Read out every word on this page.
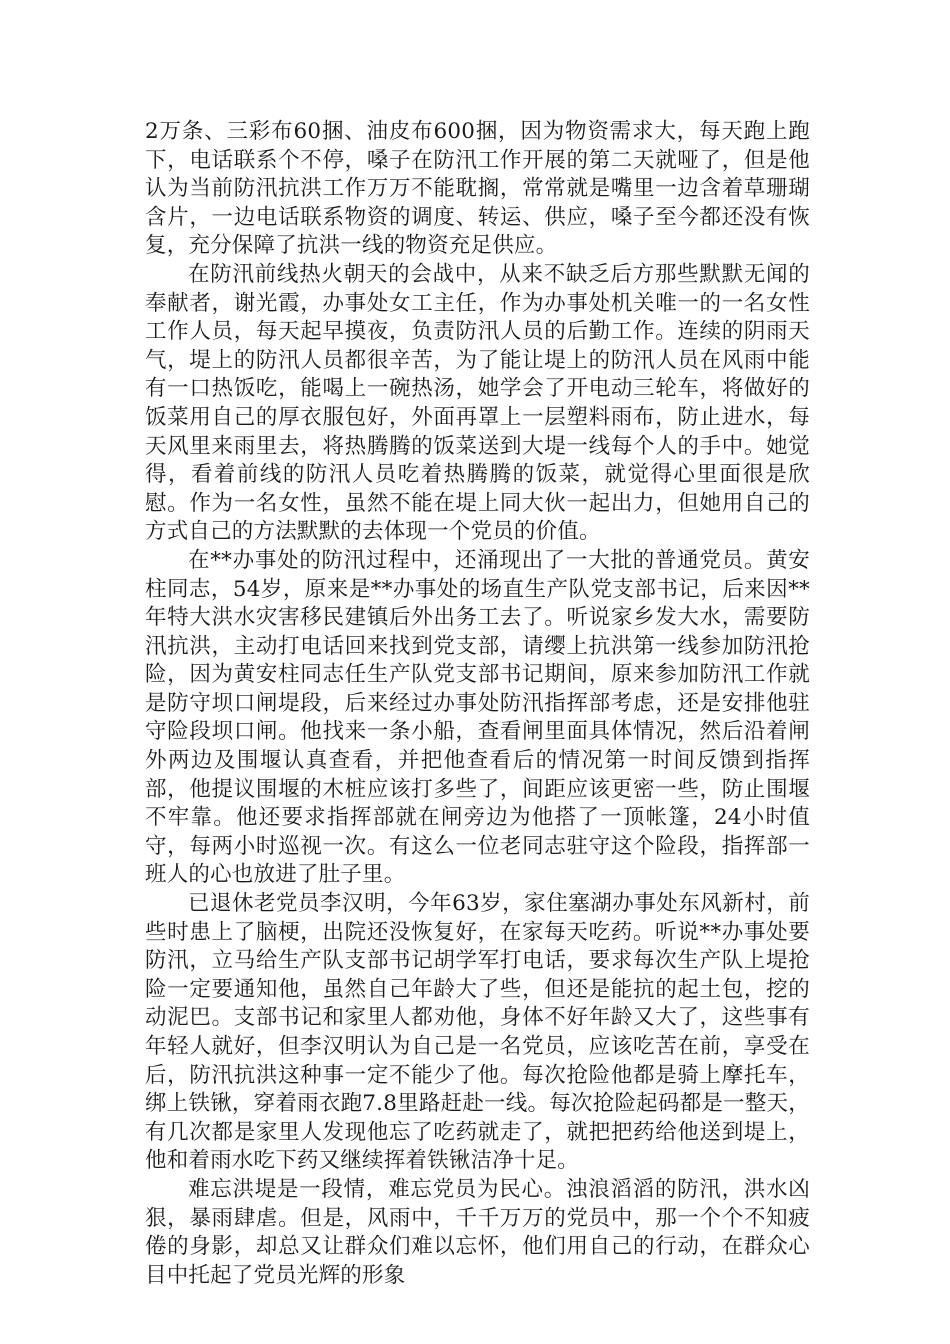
2万条、三彩布60捆、油皮布600捆，因为物资需求大，每天跑上跑下，电话联系个不停，嗓子在防汛工作开展的第二天就哑了，但是他认为当前防汛抗洪工作万万不能耽搁，常常就是嘴里一边含着草珊瑚含片，一边电话联系物资的调度、转运、供应，嗓子至今都还没有恢复，充分保障了抗洪一线的物资充足供应。

在防汛前线热火朝天的会战中，从来不缺乏后方那些默默无闻的奉献者，谢光霞，办事处女工主任，作为办事处机关唯一的一名女性工作人员，每天起早摸夜，负责防汛人员的后勤工作。连续的阴雨天气，堤上的防汛人员都很辛苦，为了能让堤上的防汛人员在风雨中能有一口热饭吃，能喝上一碗热汤，她学会了开电动三轮车，将做好的饭菜用自己的厚衣服包好，外面再罩上一层塑料雨布，防止进水，每天风里来雨里去，将热腾腾的饭菜送到大堤一线每个人的手中。她觉得，看着前线的防汛人员吃着热腾腾的饭菜，就觉得心里面很是欣慰。作为一名女性，虽然不能在堤上同大伙一起出力，但她用自己的方式自己的方法默默的去体现一个党员的价值。

在**办事处的防汛过程中，还涌现出了一大批的普通党员。黄安柱同志，54岁，原来是**办事处的场直生产队党支部书记，后来因**年特大洪水灾害移民建镇后外出务工去了。听说家乡发大水，需要防汛抗洪，主动打电话回来找到党支部，请缨上抗洪第一线参加防汛抢险，因为黄安柱同志任生产队党支部书记期间，原来参加防汛工作就是防守坝口闸堤段，后来经过办事处防汛指挥部考虑，还是安排他驻守险段坝口闸。他找来一条小船，查看闸里面具体情况，然后沿着闸外两边及围堰认真查看，并把他查看后的情况第一时间反馈到指挥部，他提议围堰的木桩应该打多些了，间距应该更密一些，防止围堰不牢靠。他还要求指挥部就在闸旁边为他搭了一顶帐篷，24小时值守，每两小时巡视一次。有这么一位老同志驻守这个险段，指挥部一班人的心也放进了肚子里。

已退休老党员李汉明，今年63岁，家住塞湖办事处东风新村，前些时患上了脑梗，出院还没恢复好，在家每天吃药。听说**办事处要防汛，立马给生产队支部书记胡学军打电话，要求每次生产队上堤抢险一定要通知他，虽然自己年龄大了些，但还是能抗的起土包，挖的动泥巴。支部书记和家里人都劝他，身体不好年龄又大了，这些事有年轻人就好，但李汉明认为自己是一名党员，应该吃苦在前，享受在后，防汛抗洪这种事一定不能少了他。每次抢险他都是骑上摩托车，绑上铁锹，穿着雨衣跑7.8里路赶赴一线。每次抢险起码都是一整天，有几次都是家里人发现他忘了吃药就走了，就把把药给他送到堤上，他和着雨水吃下药又继续挥着铁锹洁净十足。

难忘洪堤是一段情，难忘党员为民心。浊浪滔滔的防汛，洪水凶狠，暴雨肆虐。但是，风雨中，千千万万的党员中，那一个个不知疲倦的身影，却总又让群众们难以忘怀，他们用自己的行动，在群众心目中托起了党员光辉的形象
